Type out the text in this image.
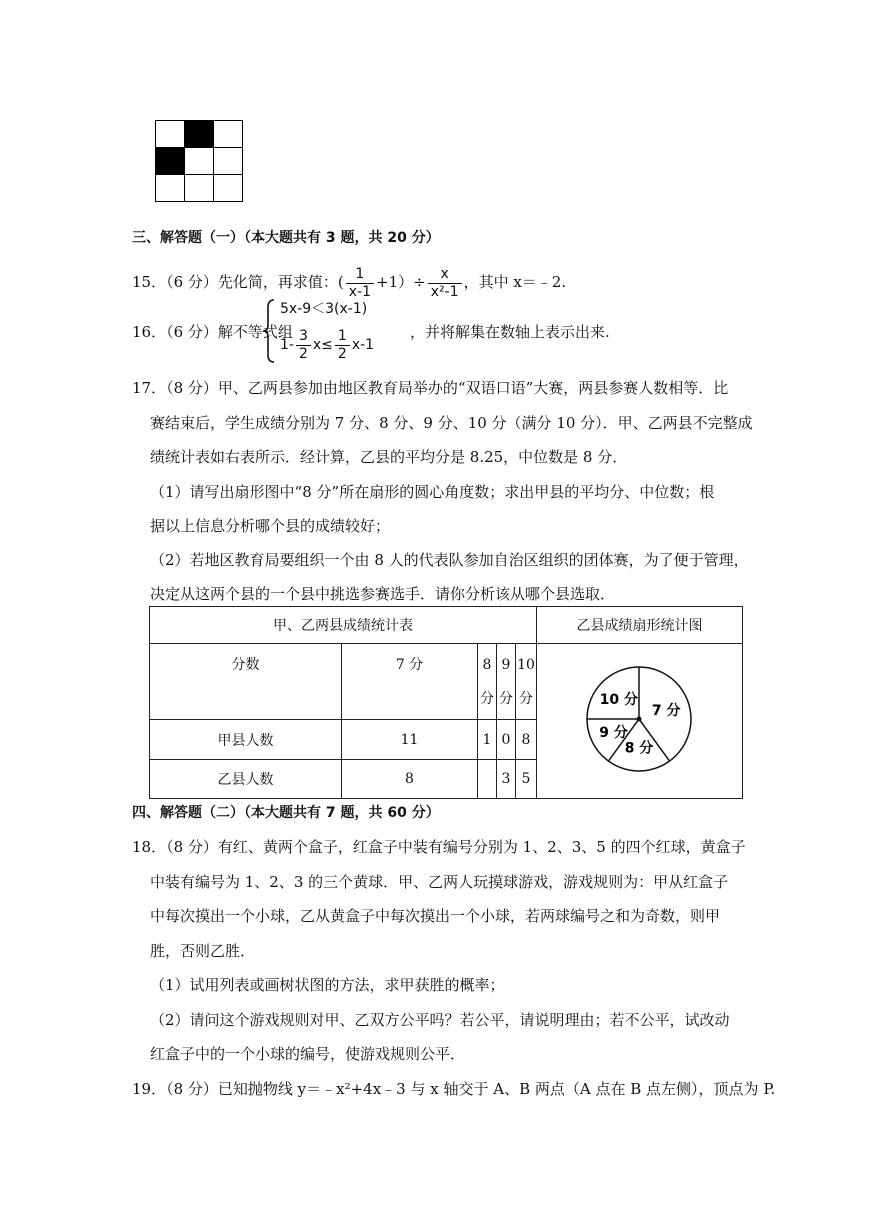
三、解答题（一）（本大题共有 3 题，共 20 分）
15．（6 分）先化简，再求值：( $\frac{1}{x-1} +1)\div \frac{x}{\text{x²-1}}$ ，其中 x＝﹣2.
16．（6 分）解不等式组
5x-9＜3(x-1)
$1- \frac{3}{2} x\le \frac{1}{2} x-1$
，并将解集在数轴上表示出来.
17．（8 分）甲、乙两县参加由地区教育局举办的“双语口语”大赛，两县参赛人数相等．比
赛结束后，学生成绩分别为 7 分、8 分、9 分、10 分（满分 10 分）．甲、乙两县不完整成
绩统计表如右表所示．经计算，乙县的平均分是 8.25，中位数是 8 分．
（1）请写出扇形图中“8 分”所在扇形的圆心角度数；求出甲县的平均分、中位数；根
据以上信息分析哪个县的成绩较好；
（2）若地区教育局要组织一个由 8 人的代表队参加自治区组织的团体赛，为了便于管理，
决定从这两个县的一个县中挑选参赛选手．请你分析该从哪个县选取．
甲、乙两县成绩统计表					乙县成绩扇形统计图
分数	7 分	8 分	9 分	10 分	10 分
7 分
8 分
9 分

甲县人数	11	1	0	8	
乙县人数	8		3	5	
四、解答题（二）（本大题共有 7 题，共 60 分）
18．（8 分）有红、黄两个盒子，红盒子中装有编号分别为 1、2、3、5 的四个红球，黄盒子
中装有编号为 1、2、3 的三个黄球．甲、乙两人玩摸球游戏，游戏规则为：甲从红盒子
中每次摸出一个小球，乙从黄盒子中每次摸出一个小球，若两球编号之和为奇数，则甲
胜，否则乙胜．
（1）试用列表或画树状图的方法，求甲获胜的概率；
（2）请问这个游戏规则对甲、乙双方公平吗？若公平，请说明理由；若不公平，试改动
红盒子中的一个小球的编号，使游戏规则公平．
19．（8 分）已知抛物线 y＝﹣x²+4x﹣3 与 x 轴交于 A、B 两点（A 点在 B 点左侧），顶点为 P.
